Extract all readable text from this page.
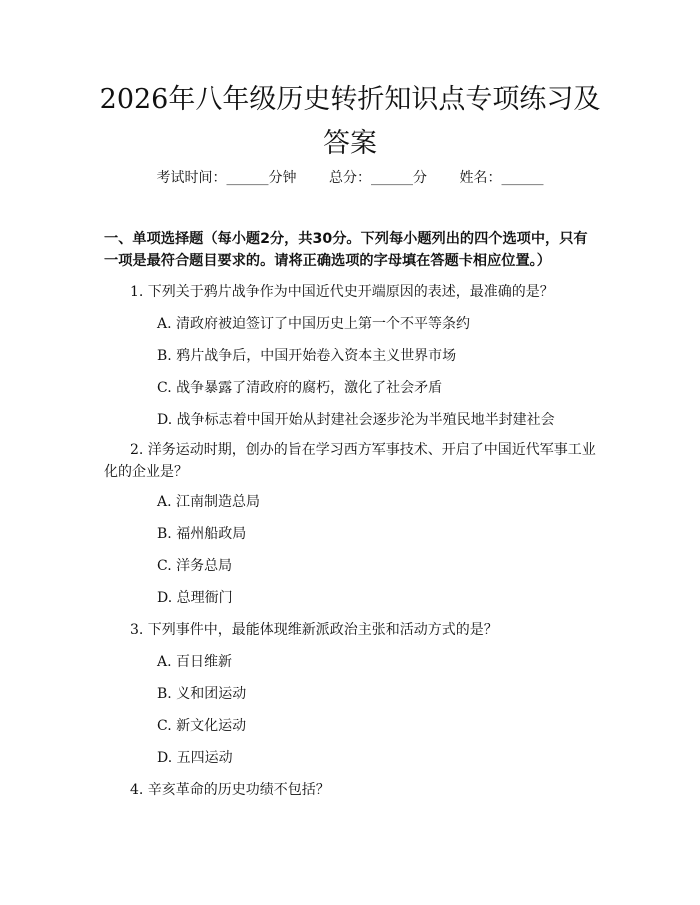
2026年八年级历史转折知识点专项练习及答案
考试时间：______分钟 总分：______分 姓名：______

一、单项选择题（每小题2分，共30分。下列每小题列出的四个选项中，只有一项是最符合题目要求的。请将正确选项的字母填在答题卡相应位置。）

1. 下列关于鸦片战争作为中国近代史开端原因的表述，最准确的是？

A. 清政府被迫签订了中国历史上第一个不平等条约

B. 鸦片战争后，中国开始卷入资本主义世界市场

C. 战争暴露了清政府的腐朽，激化了社会矛盾

D. 战争标志着中国开始从封建社会逐步沦为半殖民地半封建社会

2. 洋务运动时期，创办的旨在学习西方军事技术、开启了中国近代军事工业化的企业是？

A. 江南制造总局

B. 福州船政局

C. 洋务总局

D. 总理衙门

3. 下列事件中，最能体现维新派政治主张和活动方式的是？

A. 百日维新

B. 义和团运动

C. 新文化运动

D. 五四运动

4. 辛亥革命的历史功绩不包括？
